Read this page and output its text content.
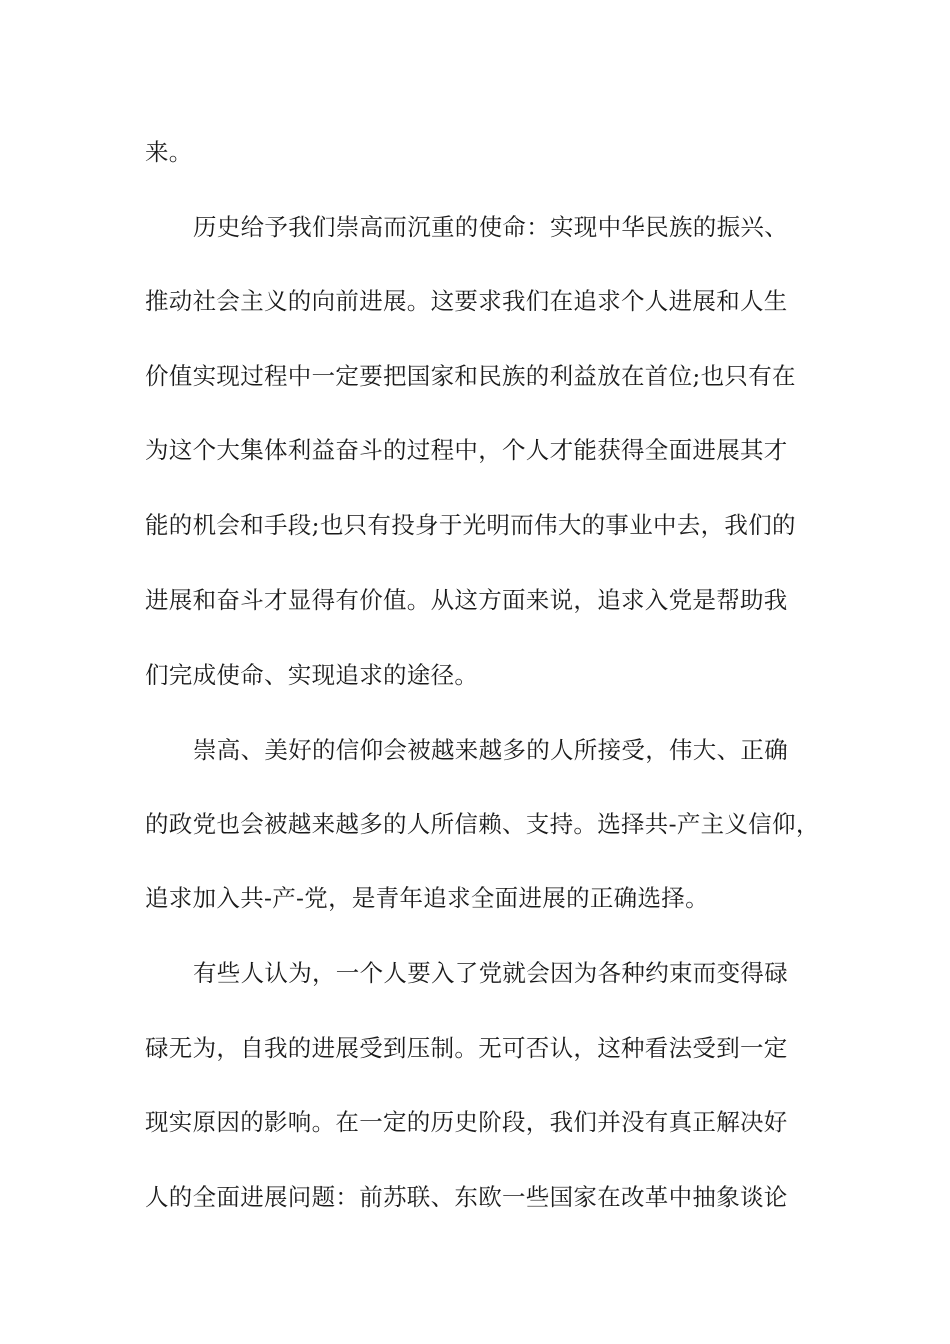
来。
历史给予我们崇高而沉重的使命：实现中华民族的振兴、
推动社会主义的向前进展。这要求我们在追求个人进展和人生
价值实现过程中一定要把国家和民族的利益放在首位;也只有在
为这个大集体利益奋斗的过程中，个人才能获得全面进展其才
能的机会和手段;也只有投身于光明而伟大的事业中去，我们的
进展和奋斗才显得有价值。从这方面来说，追求入党是帮助我
们完成使命、实现追求的途径。
崇高、美好的信仰会被越来越多的人所接受，伟大、正确
的政党也会被越来越多的人所信赖、支持。选择共-产主义信仰，
追求加入共-产-党，是青年追求全面进展的正确选择。
有些人认为，一个人要入了党就会因为各种约束而变得碌
碌无为，自我的进展受到压制。无可否认，这种看法受到一定
现实原因的影响。在一定的历史阶段，我们并没有真正解决好
人的全面进展问题：前苏联、东欧一些国家在改革中抽象谈论
